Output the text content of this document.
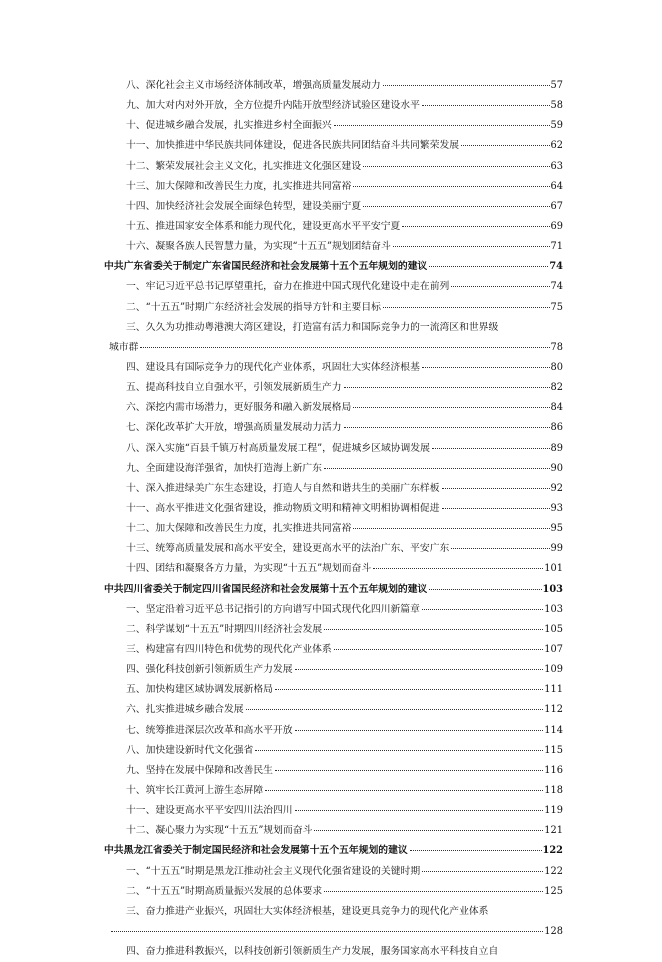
八、深化社会主义市场经济体制改革，增强高质量发展动力	57
九、加大对内对外开放，全方位提升内陆开放型经济试验区建设水平	58
十、促进城乡融合发展，扎实推进乡村全面振兴	59
十一、加快推进中华民族共同体建设，促进各民族共同团结奋斗共同繁荣发展	62
十二、繁荣发展社会主义文化，扎实推进文化强区建设	63
十三、加大保障和改善民生力度，扎实推进共同富裕	64
十四、加快经济社会发展全面绿色转型，建设美丽宁夏	67
十五、推进国家安全体系和能力现代化，建设更高水平平安宁夏	69
十六、凝聚各族人民智慧力量，为实现“十五五”规划团结奋斗	71
中共广东省委关于制定广东省国民经济和社会发展第十五个五年规划的建议	74
一、牢记习近平总书记厚望重托，奋力在推进中国式现代化建设中走在前列	74
二、“十五五”时期广东经济社会发展的指导方针和主要目标	75
三、久久为功推动粤港澳大湾区建设，打造富有活力和国际竞争力的一流湾区和世界级
城市群	78
四、建设具有国际竞争力的现代化产业体系，巩固壮大实体经济根基	80
五、提高科技自立自强水平，引领发展新质生产力	82
六、深挖内需市场潜力，更好服务和融入新发展格局	84
七、深化改革扩大开放，增强高质量发展动力活力	86
八、深入实施“百县千镇万村高质量发展工程”，促进城乡区域协调发展	89
九、全面建设海洋强省，加快打造海上新广东	90
十、深入推进绿美广东生态建设，打造人与自然和谐共生的美丽广东样板	92
十一、高水平推进文化强省建设，推动物质文明和精神文明相协调相促进	93
十二、加大保障和改善民生力度，扎实推进共同富裕	95
十三、统筹高质量发展和高水平安全，建设更高水平的法治广东、平安广东	99
十四、团结和凝聚各方力量，为实现“十五五”规划而奋斗	101
中共四川省委关于制定四川省国民经济和社会发展第十五个五年规划的建议	103
一、坚定沿着习近平总书记指引的方向谱写中国式现代化四川新篇章	103
二、科学谋划“十五五”时期四川经济社会发展	105
三、构建富有四川特色和优势的现代化产业体系	107
四、强化科技创新引领新质生产力发展	109
五、加快构建区域协调发展新格局	111
六、扎实推进城乡融合发展	112
七、统筹推进深层次改革和高水平开放	114
八、加快建设新时代文化强省	115
九、坚持在发展中保障和改善民生	116
十、筑牢长江黄河上游生态屏障	118
十一、建设更高水平平安四川法治四川	119
十二、凝心聚力为实现“十五五”规划而奋斗	121
中共黑龙江省委关于制定国民经济和社会发展第十五个五年规划的建议	122
一、“十五五”时期是黑龙江推动社会主义现代化强省建设的关键时期	122
二、“十五五”时期高质量振兴发展的总体要求	125
三、奋力推进产业振兴，巩固壮大实体经济根基，建设更具竞争力的现代化产业体系
128
四、奋力推进科教振兴，以科技创新引领新质生产力发展，服务国家高水平科技自立自
